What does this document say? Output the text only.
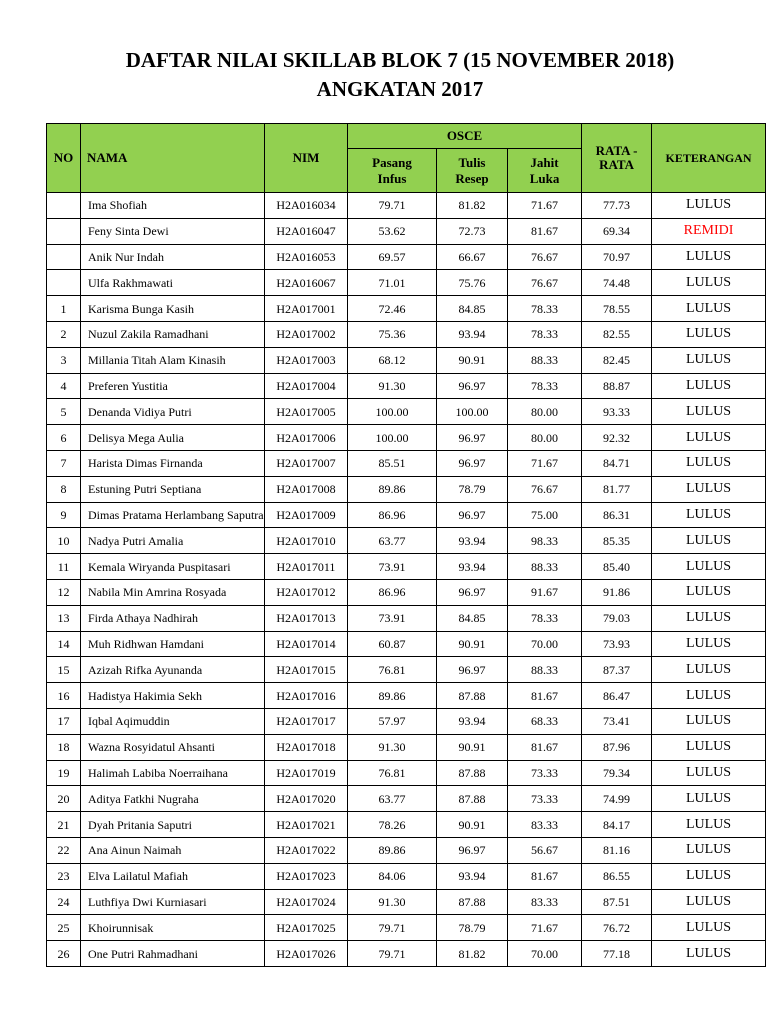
DAFTAR NILAI SKILLAB BLOK 7 (15 NOVEMBER 2018)
ANGKATAN 2017
NO	NAMA	NIM	OSCE			RATA - RATA	KETERANGAN
			Pasang Infus	Tulis Resep	Jahit Luka		
	Ima Shofiah	H2A016034	79.71	81.82	71.67	77.73	LULUS
	Feny Sinta Dewi	H2A016047	53.62	72.73	81.67	69.34	REMIDI
	Anik Nur Indah	H2A016053	69.57	66.67	76.67	70.97	LULUS
	Ulfa Rakhmawati	H2A016067	71.01	75.76	76.67	74.48	LULUS
1	Karisma Bunga Kasih	H2A017001	72.46	84.85	78.33	78.55	LULUS
2	Nuzul Zakila Ramadhani	H2A017002	75.36	93.94	78.33	82.55	LULUS
3	Millania Titah Alam Kinasih	H2A017003	68.12	90.91	88.33	82.45	LULUS
4	Preferen Yustitia	H2A017004	91.30	96.97	78.33	88.87	LULUS
5	Denanda Vidiya Putri	H2A017005	100.00	100.00	80.00	93.33	LULUS
6	Delisya Mega Aulia	H2A017006	100.00	96.97	80.00	92.32	LULUS
7	Harista Dimas Firnanda	H2A017007	85.51	96.97	71.67	84.71	LULUS
8	Estuning Putri Septiana	H2A017008	89.86	78.79	76.67	81.77	LULUS
9	Dimas Pratama Herlambang Saputra	H2A017009	86.96	96.97	75.00	86.31	LULUS
10	Nadya Putri Amalia	H2A017010	63.77	93.94	98.33	85.35	LULUS
11	Kemala Wiryanda Puspitasari	H2A017011	73.91	93.94	88.33	85.40	LULUS
12	Nabila Min Amrina Rosyada	H2A017012	86.96	96.97	91.67	91.86	LULUS
13	Firda Athaya Nadhirah	H2A017013	73.91	84.85	78.33	79.03	LULUS
14	Muh Ridhwan Hamdani	H2A017014	60.87	90.91	70.00	73.93	LULUS
15	Azizah Rifka Ayunanda	H2A017015	76.81	96.97	88.33	87.37	LULUS
16	Hadistya Hakimia Sekh	H2A017016	89.86	87.88	81.67	86.47	LULUS
17	Iqbal Aqimuddin	H2A017017	57.97	93.94	68.33	73.41	LULUS
18	Wazna Rosyidatul Ahsanti	H2A017018	91.30	90.91	81.67	87.96	LULUS
19	Halimah Labiba Noerraihana	H2A017019	76.81	87.88	73.33	79.34	LULUS
20	Aditya Fatkhi Nugraha	H2A017020	63.77	87.88	73.33	74.99	LULUS
21	Dyah Pritania Saputri	H2A017021	78.26	90.91	83.33	84.17	LULUS
22	Ana Ainun Naimah	H2A017022	89.86	96.97	56.67	81.16	LULUS
23	Elva Lailatul Mafiah	H2A017023	84.06	93.94	81.67	86.55	LULUS
24	Luthfiya Dwi Kurniasari	H2A017024	91.30	87.88	83.33	87.51	LULUS
25	Khoirunnisak	H2A017025	79.71	78.79	71.67	76.72	LULUS
26	One Putri Rahmadhani	H2A017026	79.71	81.82	70.00	77.18	LULUS
